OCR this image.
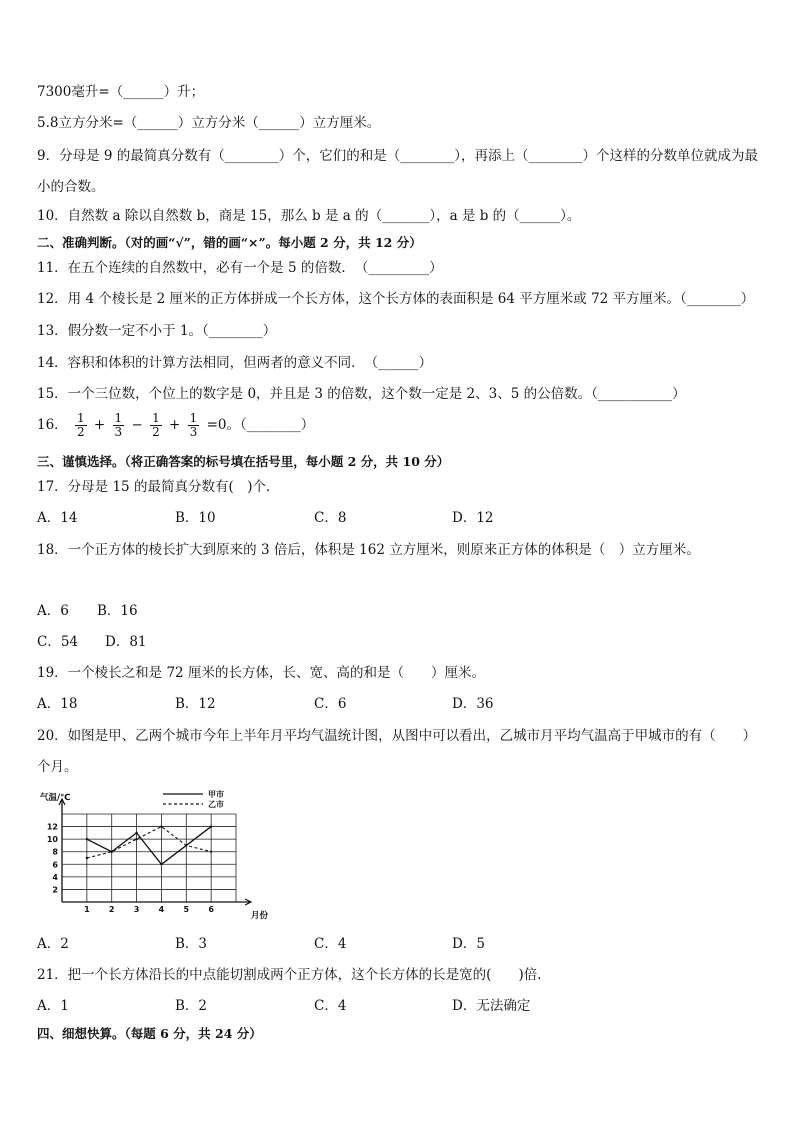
7300毫升=（______）升；
5.8立方分米=（______）立方分米（______）立方厘米。
9．分母是 9 的最简真分数有（________）个，它们的和是（________），再添上（________）个这样的分数单位就成为最小的合数。
10．自然数 a 除以自然数 b，商是 15，那么 b 是 a 的（_______），a 是 b 的（______）。
二、准确判断。（对的画“√”，错的画“×”。每小题 2 分，共 12 分）
11．在五个连续的自然数中，必有一个是 5 的倍数．　（_________）
12．用 4 个棱长是 2 厘米的正方体拼成一个长方体，这个长方体的表面积是 64 平方厘米或 72 平方厘米。（________）
13．假分数一定不小于 1。（________）
14．容积和体积的计算方法相同，但两者的意义不同．　（______）
15．一个三位数，个位上的数字是 0，并且是 3 的倍数，这个数一定是 2、3、5 的公倍数。（___________）
16． $\frac{1}{2} + \frac{1}{3} - \frac{1}{2} + \frac{1}{3} =0$。（________）
三、谨慎选择。（将正确答案的标号填在括号里，每小题 2 分，共 10 分）
17．分母是 15 的最简真分数有(　)个．
A．14	B．10	C．8	D．12
18．一个正方体的棱长扩大到原来的 3 倍后，体积是 162 立方厘米，则原来正方体的体积是（　）立方厘米。
A．6 B．16
C．54 D．81
19．一个棱长之和是 72 厘米的长方体，长、宽、高的和是（　　）厘米。
A．18	B．12	C．6	D．36
20．如图是甲、乙两个城市今年上半年月平均气温统计图，从图中可以看出，乙城市月平均气温高于甲城市的有（　　）个月。
2
4
6
8
10
12
1 2 3 4 5 6
气温/℃
月份
甲市
乙市
A．2	B．3	C．4	D．5
21．把一个长方体沿长的中点能切割成两个正方体，这个长方体的长是宽的(　　)倍．
A．1	B．2	C．4	D．无法确定
四、细想快算。（每题 6 分，共 24 分）
